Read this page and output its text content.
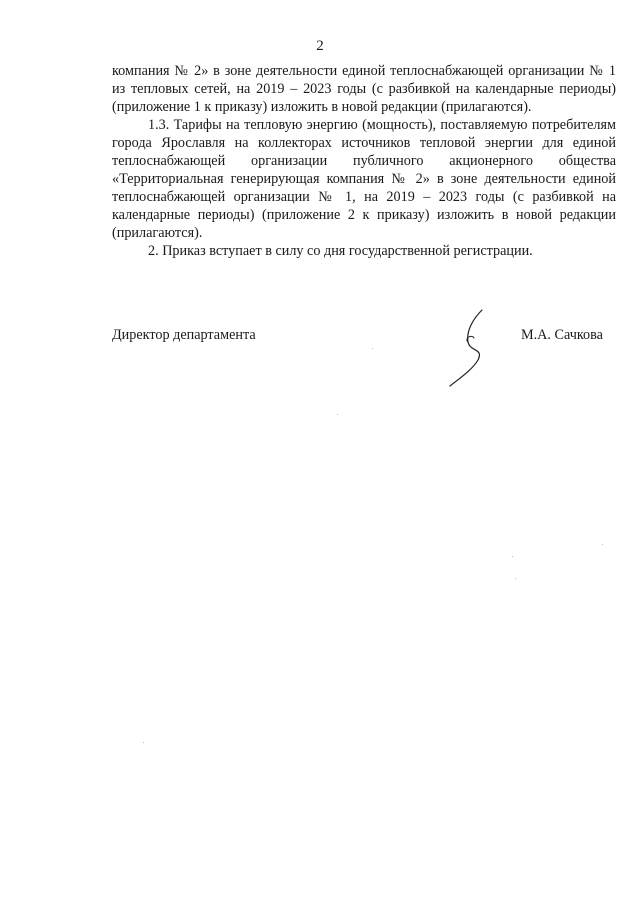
2

компания № 2» в зоне деятельности единой теплоснабжающей организации № 1 из тепловых сетей, на 2019 – 2023 годы (с разбивкой на календарные периоды) (приложение 1 к приказу) изложить в новой редакции (прилагаются).

1.3. Тарифы на тепловую энергию (мощность), поставляемую потребителям города Ярославля на коллекторах источников тепловой энергии для единой теплоснабжающей организации публичного акционерного общества «Территориальная генерирующая компания № 2» в зоне деятельности единой теплоснабжающей организации № 1, на 2019 – 2023 годы (с разбивкой на календарные периоды) (приложение 2 к приказу) изложить в новой редакции (прилагаются).

2. Приказ вступает в силу со дня государственной регистрации.

Директор департамента	М.А. Сачкова
